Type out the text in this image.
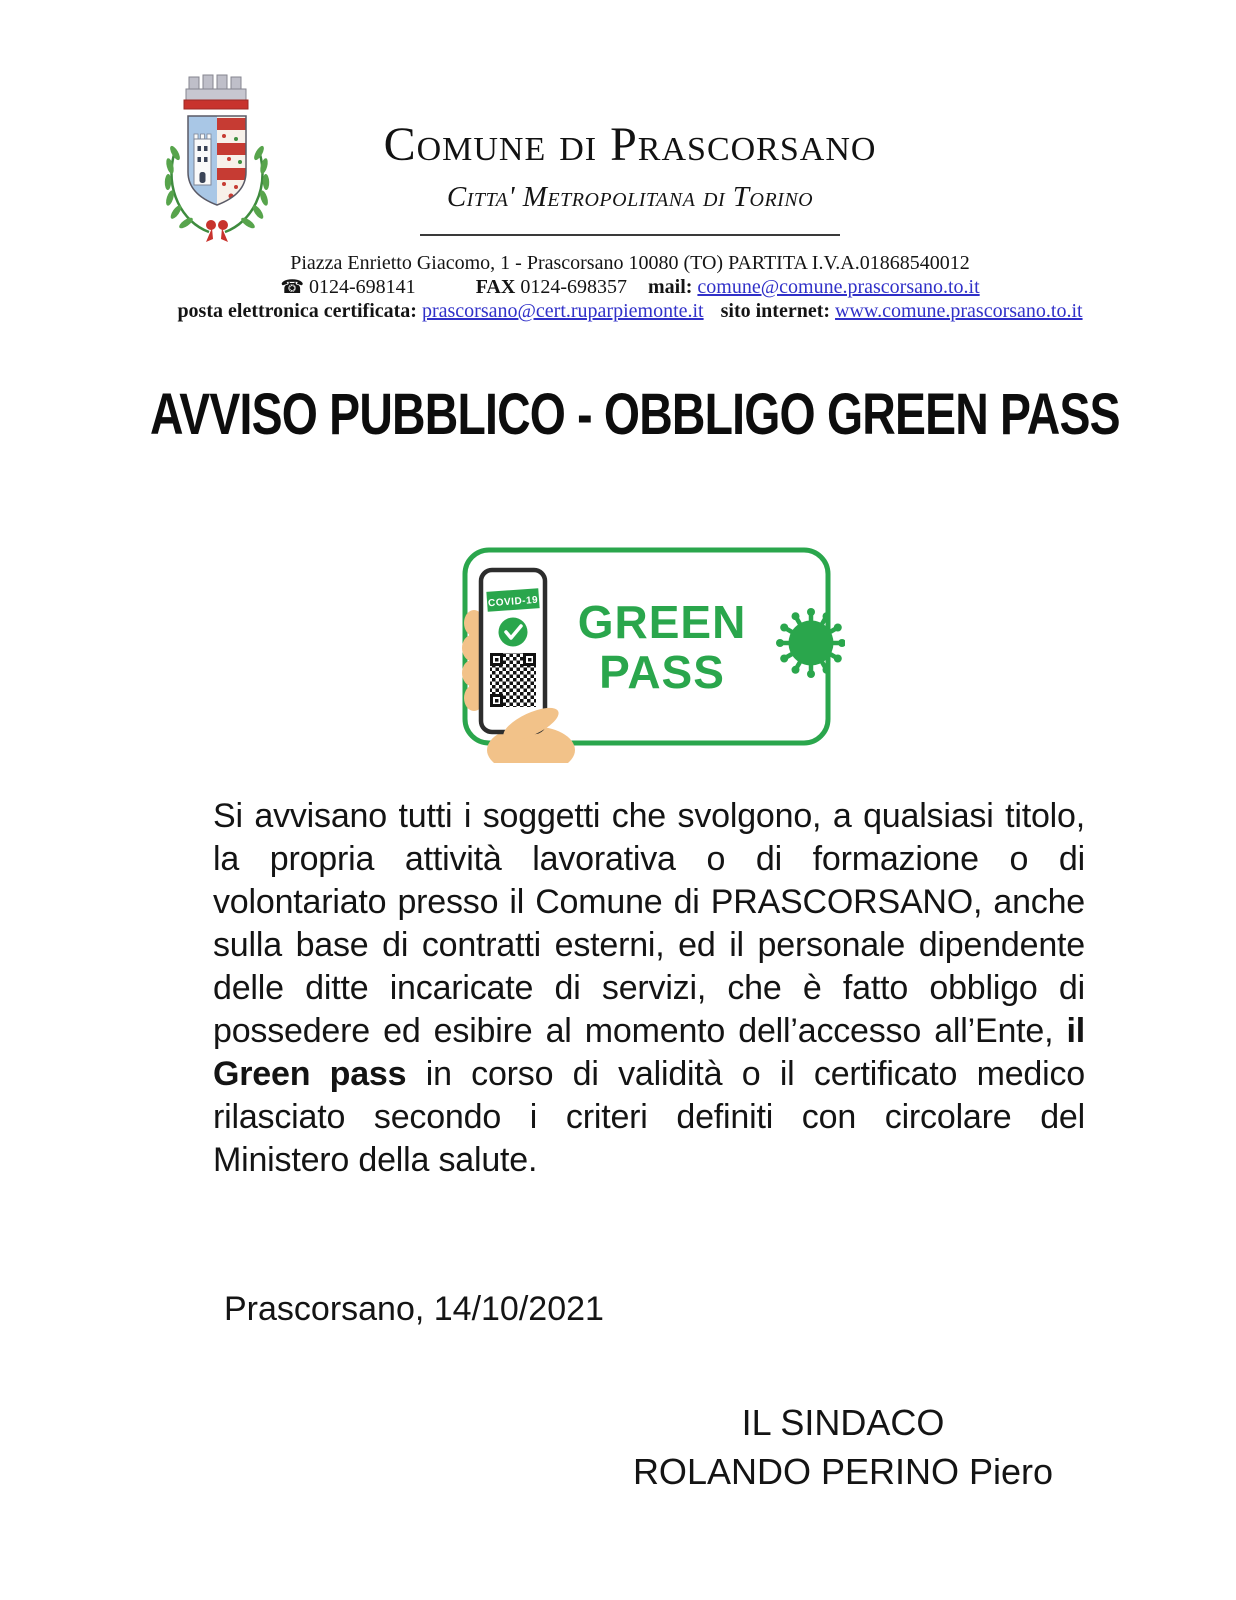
Comune di Prascorsano
Citta' Metropolitana di Torino
Piazza Enrietto Giacomo, 1 - Prascorsano 10080 (TO) PARTITA I.V.A.01868540012
☎ 0124-698141	FAX 0124-698357 mail: comune@comune.prascorsano.to.it
posta elettronica certificata: prascorsano@cert.ruparpiemonte.it sito internet: www.comune.prascorsano.to.it
AVVISO PUBBLICO - OBBLIGO GREEN PASS
COVID-19 GREEN
PASS

Si avvisano tutti i soggetti che svolgono, a qualsiasi titolo, la propria attività lavorativa o di formazione o di volontariato presso il Comune di PRASCORSANO, anche sulla base di contratti esterni, ed il personale dipendente delle ditte incaricate di servizi, che è fatto obbligo di possedere ed esibire al momento dell’accesso all’Ente, il Green pass in corso di validità o il certificato medico rilasciato secondo i criteri definiti con circolare del Ministero della salute.

Prascorsano, 14/10/2021
IL SINDACO
ROLANDO PERINO Piero
